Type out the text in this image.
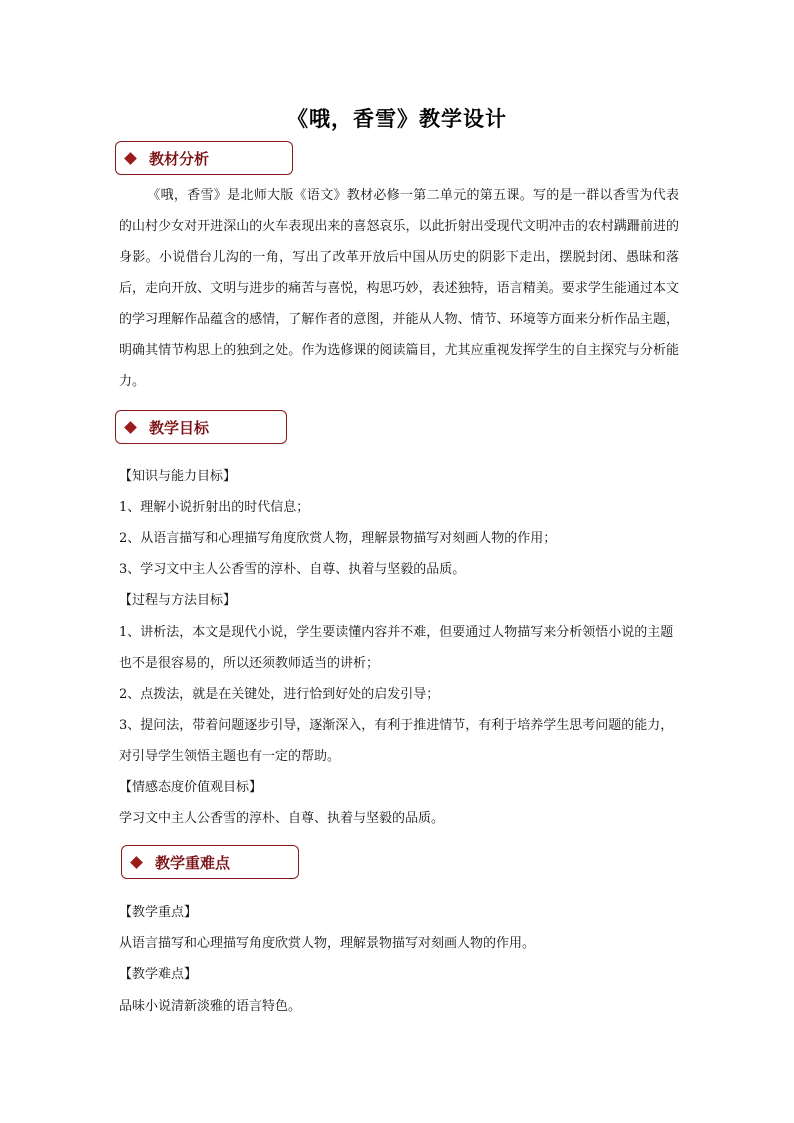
《哦，香雪》教学设计
教材分析
《哦，香雪》是北师大版《语文》教材必修一第二单元的第五课。写的是一群以香雪为代表的山村少女对开进深山的火车表现出来的喜怒哀乐，以此折射出受现代文明冲击的农村蹒跚前进的身影。小说借台儿沟的一角，写出了改革开放后中国从历史的阴影下走出，摆脱封闭、愚昧和落后，走向开放、文明与进步的痛苦与喜悦，构思巧妙，表述独特，语言精美。要求学生能通过本文的学习理解作品蕴含的感情，了解作者的意图，并能从人物、情节、环境等方面来分析作品主题，明确其情节构思上的独到之处。作为选修课的阅读篇目，尤其应重视发挥学生的自主探究与分析能力。
教学目标
【知识与能力目标】
1、理解小说折射出的时代信息；
2、从语言描写和心理描写角度欣赏人物，理解景物描写对刻画人物的作用；
3、学习文中主人公香雪的淳朴、自尊、执着与坚毅的品质。
【过程与方法目标】
1、讲析法，本文是现代小说，学生要读懂内容并不难，但要通过人物描写来分析领悟小说的主题也不是很容易的，所以还须教师适当的讲析；
2、点拨法，就是在关键处，进行恰到好处的启发引导；
3、提问法，带着问题逐步引导，逐渐深入，有利于推进情节，有利于培养学生思考问题的能力，对引导学生领悟主题也有一定的帮助。
【情感态度价值观目标】
学习文中主人公香雪的淳朴、自尊、执着与坚毅的品质。
教学重难点
【教学重点】
从语言描写和心理描写角度欣赏人物，理解景物描写对刻画人物的作用。
【教学难点】
品味小说清新淡雅的语言特色。
